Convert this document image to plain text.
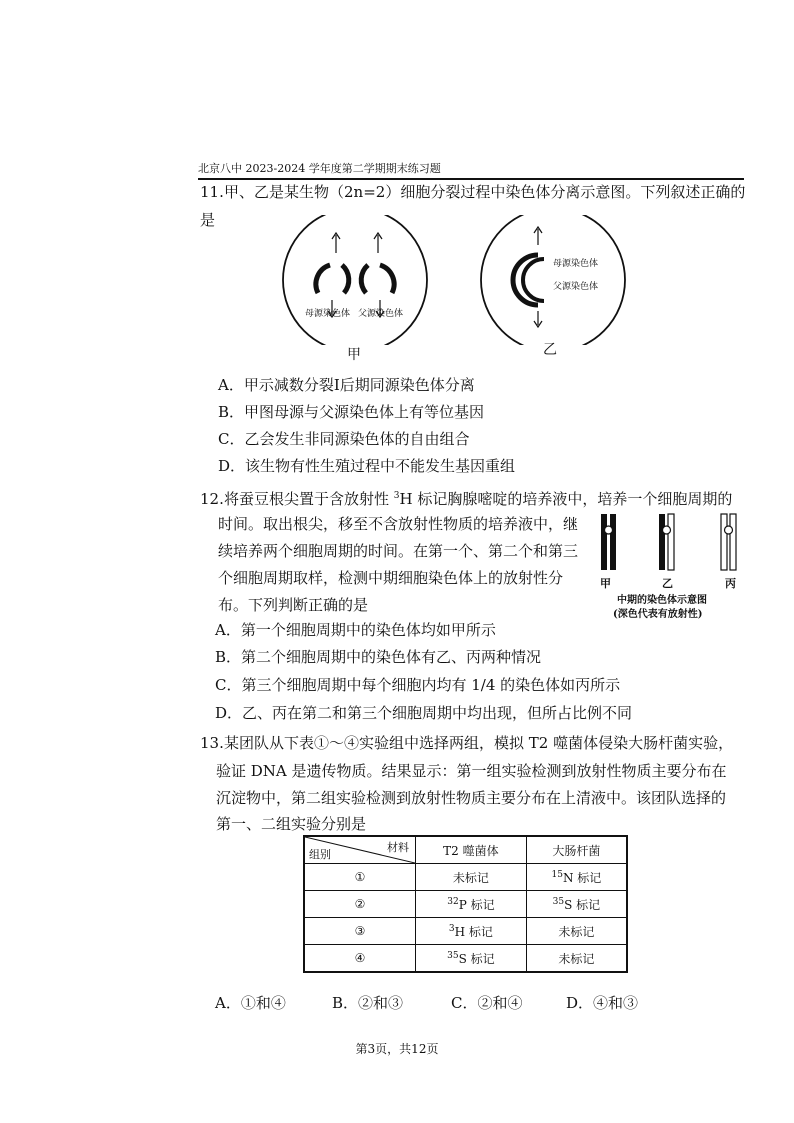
北京八中 2023-2024 学年度第二学期期末练习题
11.甲、乙是某生物（2n=2）细胞分裂过程中染色体分离示意图。下列叙述正确的是
母源染色体 父源染色体
甲
母源染色体
父源染色体
乙
A．甲示减数分裂Ⅰ后期同源染色体分离
B．甲图母源与父源染色体上有等位基因
C．乙会发生非同源染色体的自由组合
D．该生物有性生殖过程中不能发生基因重组
12.将蚕豆根尖置于含放射性 $^3$H 标记胸腺嘧啶的培养液中，培养一个细胞周期的
时间。取出根尖，移至不含放射性物质的培养液中，继
续培养两个细胞周期的时间。在第一个、第二个和第三
个细胞周期取样，检测中期细胞染色体上的放射性分
布。下列判断正确的是
甲	乙	丙
中期的染色体示意图
(深色代表有放射性)
A．第一个细胞周期中的染色体均如甲所示
B．第二个细胞周期中的染色体有乙、丙两种情况
C．第三个细胞周期中每个细胞内均有 1/4 的染色体如丙所示
D．乙、丙在第二和第三个细胞周期中均出现，但所占比例不同
13.某团队从下表①～④实验组中选择两组，模拟 T2 噬菌体侵染大肠杆菌实验，
验证 DNA 是遗传物质。结果显示：第一组实验检测到放射性物质主要分布在
沉淀物中，第二组实验检测到放射性物质主要分布在上清液中。该团队选择的
第一、二组实验分别是
材料
组别	T2 噬菌体	大肠杆菌
①	未标记	$^{15}$N 标记
②	$^{32}$P 标记	$^{35}$S 标记
③	$^3$H 标记	未标记
④	$^{35}$S 标记	未标记
A．①和④	B．②和③	C．②和④	D．④和③
第3页，共12页
